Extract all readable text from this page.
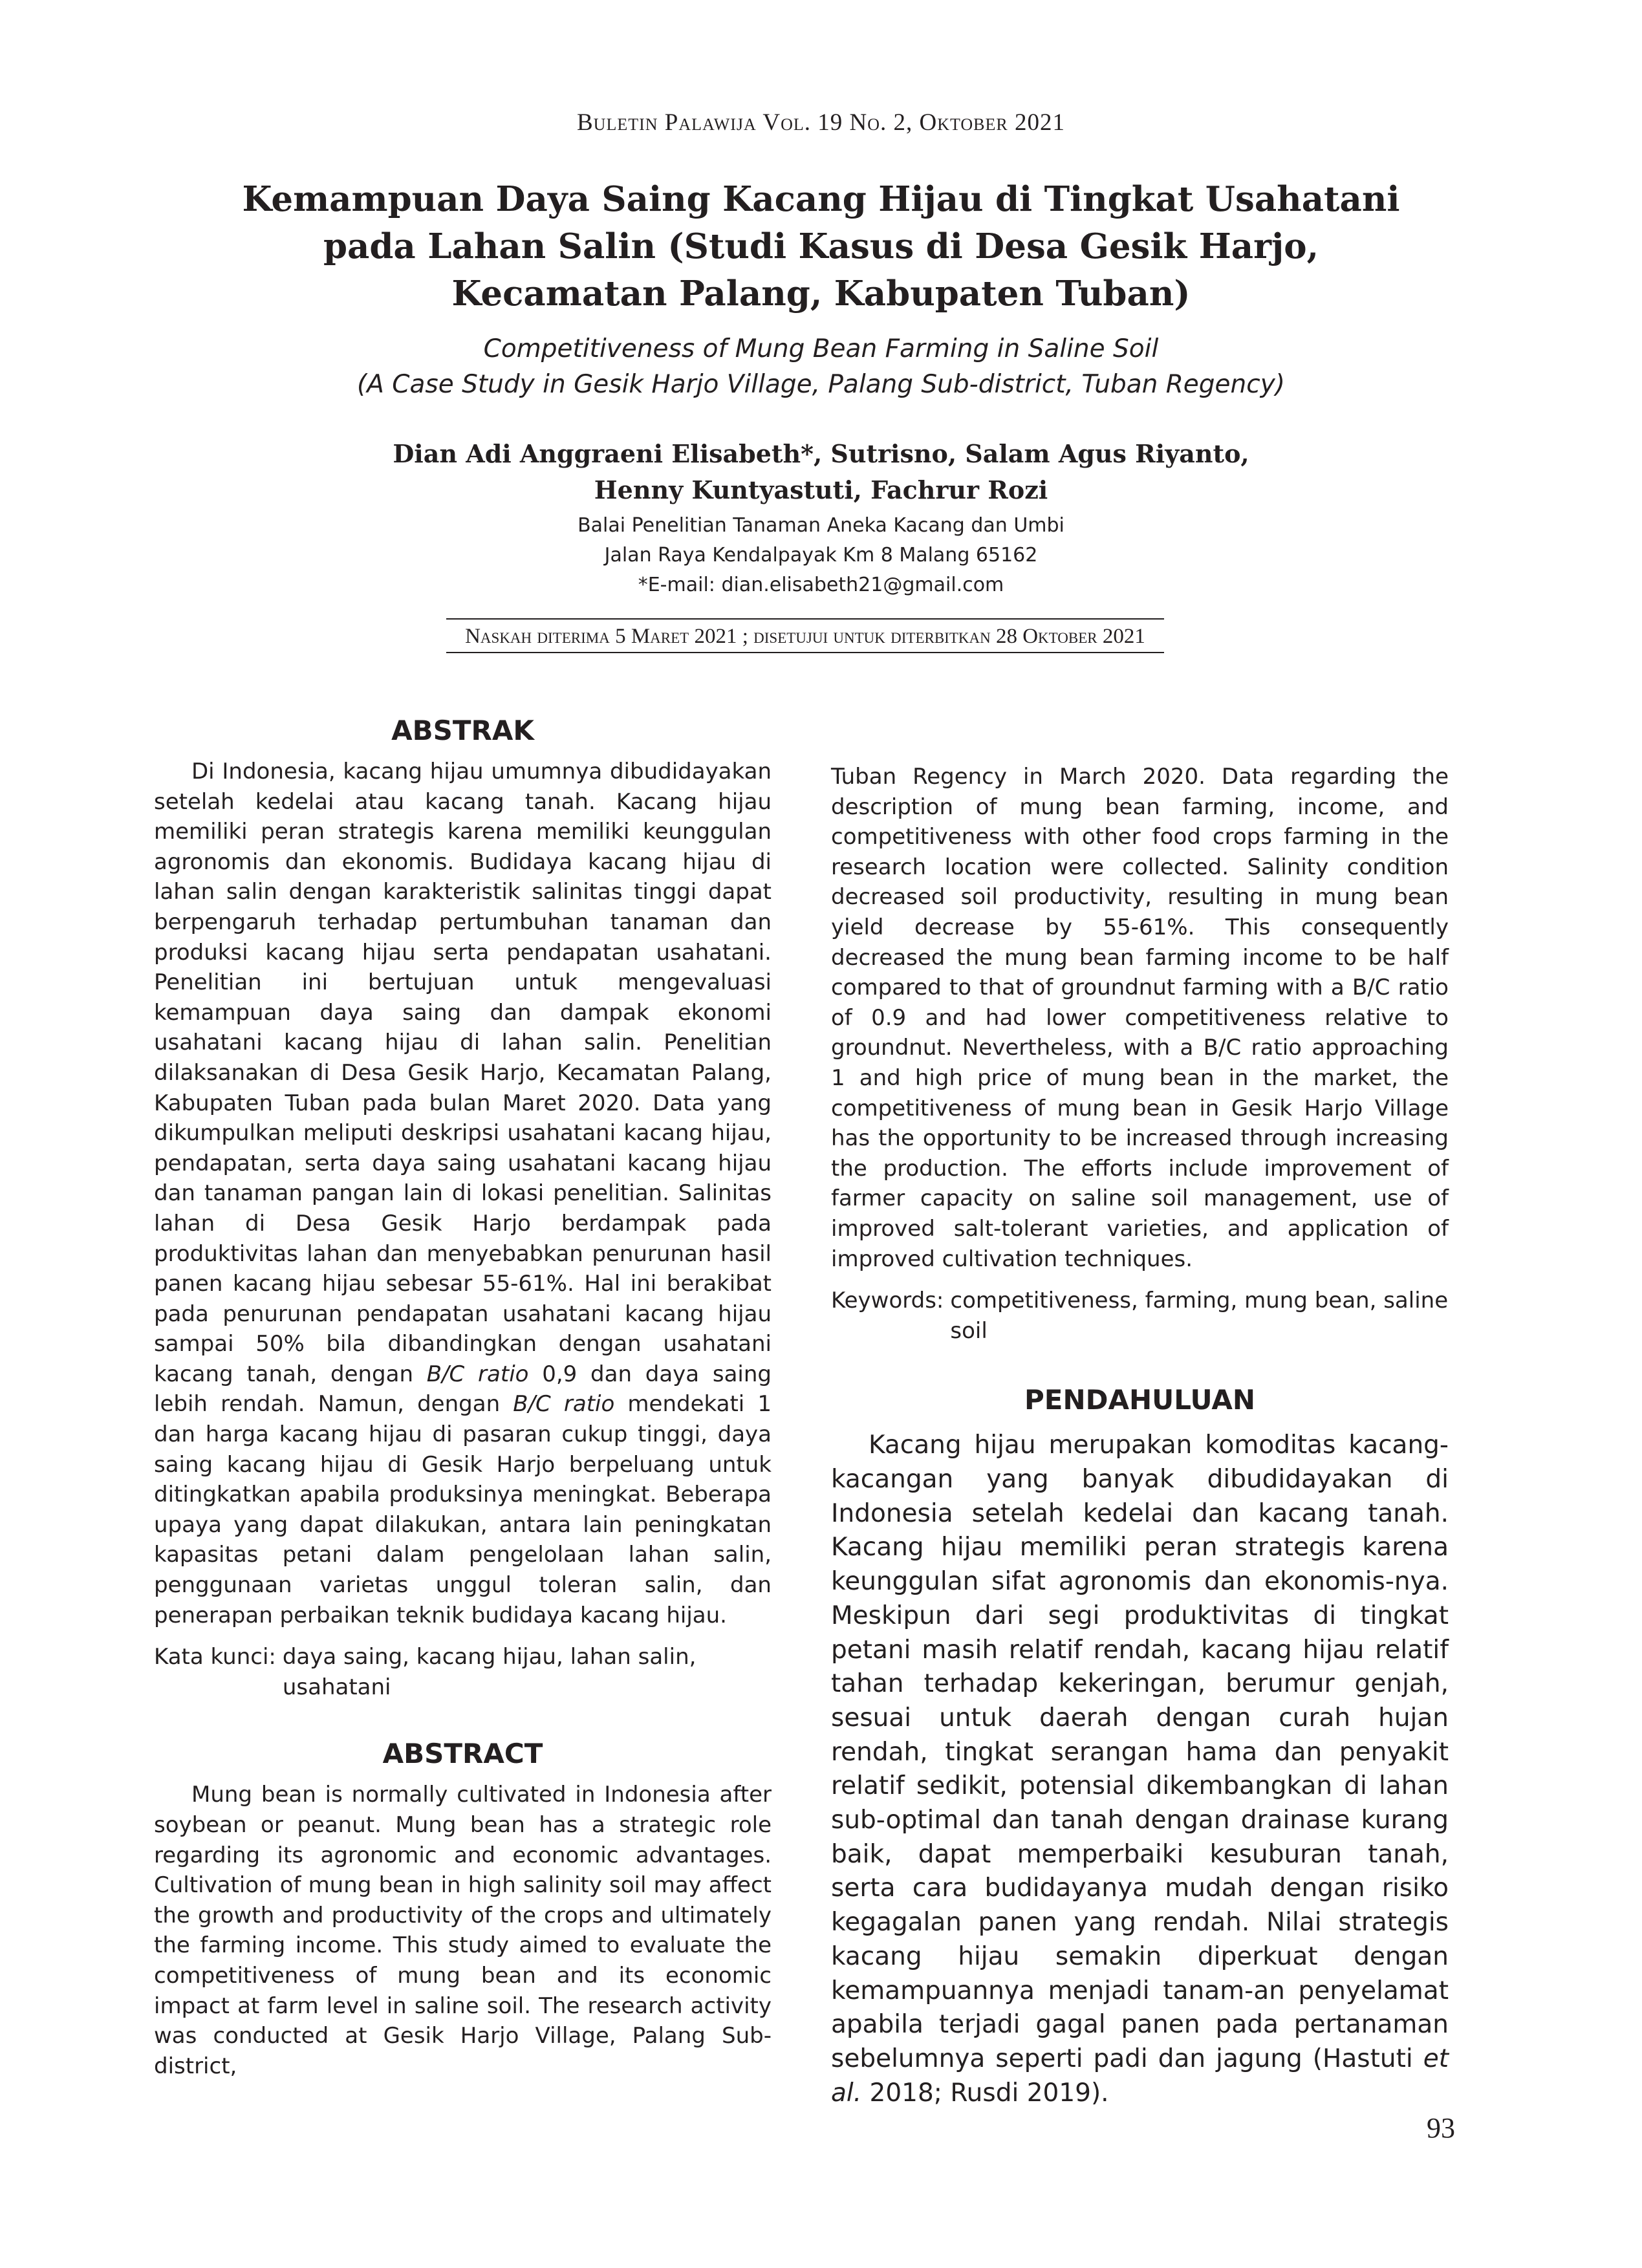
Buletin Palawija Vol. 19 No. 2, Oktober 2021
Kemampuan Daya Saing Kacang Hijau di Tingkat Usahatani
pada Lahan Salin (Studi Kasus di Desa Gesik Harjo,
Kecamatan Palang, Kabupaten Tuban)
Competitiveness of Mung Bean Farming in Saline Soil
(A Case Study in Gesik Harjo Village, Palang Sub-district, Tuban Regency)
Dian Adi Anggraeni Elisabeth*, Sutrisno, Salam Agus Riyanto,
Henny Kuntyastuti, Fachrur Rozi
Balai Penelitian Tanaman Aneka Kacang dan Umbi
Jalan Raya Kendalpayak Km 8 Malang 65162
*E-mail: dian.elisabeth21@gmail.com
Naskah diterima 5 Maret 2021 ; disetujui untuk diterbitkan 28 Oktober 2021
ABSTRAK

Di Indonesia, kacang hijau umumnya dibudidayakan setelah kedelai atau kacang tanah. Kacang hijau memiliki peran strategis karena memiliki keunggulan agronomis dan ekonomis. Budidaya kacang hijau di lahan salin dengan karakteristik salinitas tinggi dapat berpengaruh terhadap pertumbuhan tanaman dan produksi kacang hijau serta pendapatan usahatani. Penelitian ini bertujuan untuk mengevaluasi kemampuan daya saing dan dampak ekonomi usahatani kacang hijau di lahan salin. Penelitian dilaksanakan di Desa Gesik Harjo, Kecamatan Palang, Kabupaten Tuban pada bulan Maret 2020. Data yang dikumpulkan meliputi deskripsi usahatani kacang hijau, pendapatan, serta daya saing usahatani kacang hijau dan tanaman pangan lain di lokasi penelitian. Salinitas lahan di Desa Gesik Harjo berdampak pada produktivitas lahan dan menyebabkan penurunan hasil panen kacang hijau sebesar 55-61%. Hal ini berakibat pada penurunan pendapatan usahatani kacang hijau sampai 50% bila dibandingkan dengan usahatani kacang tanah, dengan B/C ratio 0,9 dan daya saing lebih rendah. Namun, dengan B/C ratio mendekati 1 dan harga kacang hijau di pasaran cukup tinggi, daya saing kacang hijau di Gesik Harjo berpeluang untuk ditingkatkan apabila produksinya meningkat. Beberapa upaya yang dapat dilakukan, antara lain peningkatan kapasitas petani dalam pengelolaan lahan salin, penggunaan varietas unggul toleran salin, dan penerapan perbaikan teknik budidaya kacang hijau.

Kata kunci: daya saing, kacang hijau, lahan salin, usahatani
ABSTRACT

Mung bean is normally cultivated in Indonesia after soybean or peanut. Mung bean has a strategic role regarding its agronomic and economic advantages. Cultivation of mung bean in high salinity soil may affect the growth and productivity of the crops and ultimately the farming income. This study aimed to evaluate the competitiveness of mung bean and its economic impact at farm level in saline soil. The research activity was conducted at Gesik Harjo Village, Palang Sub-district,

Tuban Regency in March 2020. Data regarding the description of mung bean farming, income, and competitiveness with other food crops farming in the research location were collected. Salinity condition decreased soil productivity, resulting in mung bean yield decrease by 55-61%. This consequently decreased the mung bean farming income to be half compared to that of groundnut farming with a B/C ratio of 0.9 and had lower competitiveness relative to groundnut. Nevertheless, with a B/C ratio approaching 1 and high price of mung bean in the market, the competitiveness of mung bean in Gesik Harjo Village has the opportunity to be increased through increasing the production. The efforts include improvement of farmer capacity on saline soil management, use of improved salt-tolerant varieties, and application of improved cultivation techniques.

Keywords: competitiveness, farming, mung bean, saline soil
PENDAHULUAN

Kacang hijau merupakan komoditas kacang-kacangan yang banyak dibudidayakan di Indonesia setelah kedelai dan kacang tanah. Kacang hijau memiliki peran strategis karena keunggulan sifat agronomis dan ekonomis-nya. Meskipun dari segi produktivitas di tingkat petani masih relatif rendah, kacang hijau relatif tahan terhadap kekeringan, berumur genjah, sesuai untuk daerah dengan curah hujan rendah, tingkat serangan hama dan penyakit relatif sedikit, potensial dikembangkan di lahan sub-optimal dan tanah dengan drainase kurang baik, dapat memperbaiki kesuburan tanah, serta cara budidayanya mudah dengan risiko kegagalan panen yang rendah. Nilai strategis kacang hijau semakin diperkuat dengan kemampuannya menjadi tanam-an penyelamat apabila terjadi gagal panen pada pertanaman sebelumnya seperti padi dan jagung (Hastuti et al. 2018; Rusdi 2019).

93
